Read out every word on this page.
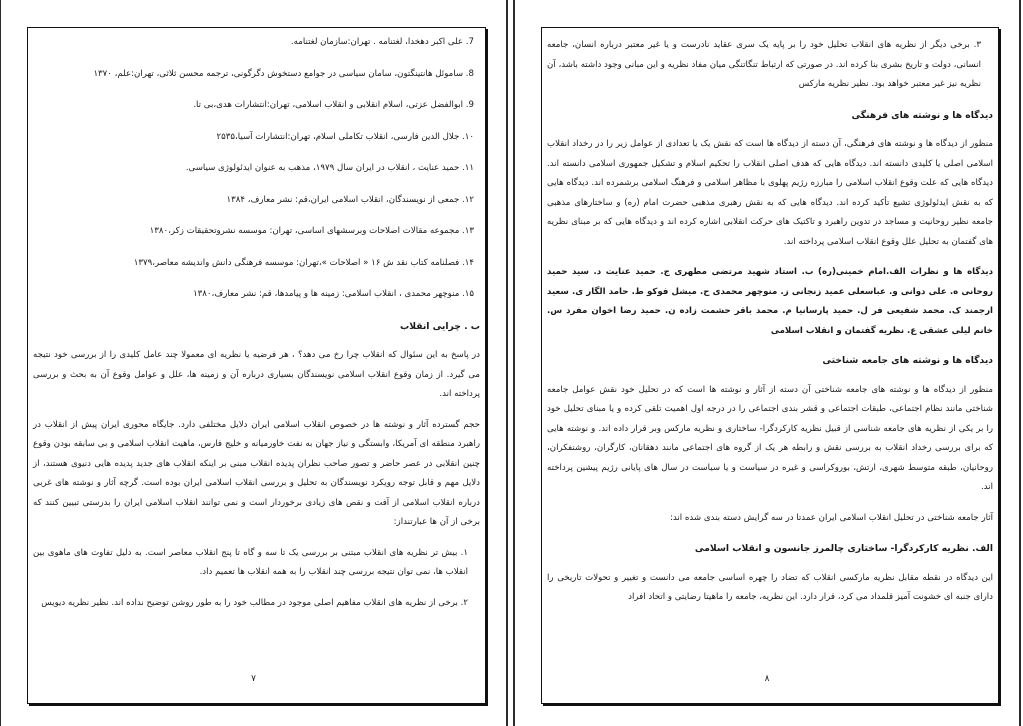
7. علی اکبر دهخدا، لغتنامه . تهران:سازمان لغتنامه.

8. ساموئل هانتینگتون، سامان سیاسی در جوامع دستخوش دگرگونی، ترجمه محسن ثلاثی، تهران:علم، ۱۳۷۰

9. ابوالفضل عزتی، اسلام انقلابی و انقلاب اسلامی، تهران:انتشارات هدی،بی تا.

۱۰. جلال الدین فارسی، انقلاب تکاملی اسلام، تهران:انتشارات آسیا،۲۵۳۵

۱۱. حمید عنایت ، انقلاب در ایران سال ۱۹۷۹، مذهب به عنوان ایدئولوژی سیاسی.

۱۲. جمعی از نویسندگان، انقلاب اسلامی ایران،قم: نشر معارف، ۱۳۸۴

۱۳. مجموعه مقالات اصلاحات وبرسشهای اساسی، تهران: موسسه نشروتحقیقات زکر،۱۳۸۰

۱۴. فصلنامه کتاب نقد ش ۱۶ « اصلاحات »،تهران: موسسه فرهنگی دانش واندیشه معاصر،۱۳۷۹

۱۵. منوچهر محمدی ، انقلاب اسلامی: زمینه ها و پیامدها، قم: نشر معارف،۱۳۸۰

ب . چرایی انقلاب

در پاسخ به این سئوال که انقلاب چرا رخ می دهد؟ ، هر فرضیه یا نظریه ای معمولا چند عامل کلیدی را از بررسی خود نتیجه می گیرد. از زمان وقوع انقلاب اسلامی نویسندگان بسیاری درباره آن و زمینه ها، علل و عوامل وقوع آن به بحث و بررسی پرداخته اند.

حجم گسترده آثار و نوشته ها در خصوص انقلاب اسلامی ایران دلایل مختلفی دارد. جایگاه محوری ایران پیش از انقلاب در راهبرد منطقه ای آمریکا، وابستگی و نیاز جهان به نفت خاورمیانه و خلیج فارس، ماهیت انقلاب اسلامی و بی سابقه بودن وقوع چنین انقلابی در عصر حاضر و تصور صاحب نظران پدیده انقلاب مبنی بر اینکه انقلاب های جدید پدیده هایی دنیوی هستند، از دلایل مهم و قابل توجه رویکرد نویسندگان به تحلیل و بررسی انقلاب اسلامی ایران بوده است. گرچه آثار و نوشته های غربی درباره انقلاب اسلامی از آفت و نقص های زیادی برخوردار است و نمی توانند انقلاب اسلامی ایران را بدرستی تبیین کنند که برخی از آن ها عبارتنداز:

۱. بیش تر نظریه های انقلاب مبتنی بر بررسی یک تا سه و گاه تا پنج انقلاب معاصر است. به دلیل تفاوت های ماهوی بین انقلاب ها، نمی توان نتیجه بررسی چند انقلاب را به همه انقلاب ها تعمیم داد.

۲. برخی از نظریه های انقلاب مفاهیم اصلی موجود در مطالب خود را به طور روشن توضیح نداده اند. نظیر نظریه دیویس

۷

۳. برخی دیگر از نظریه های انقلاب تحلیل خود را بر پایه یک سری عقاید نادرست و یا غیر معتبر درباره انسان، جامعه انسانی، دولت و تاریخ بشری بنا کرده اند. در صورتی که ارتباط تنگاتنگی میان مفاد نظریه و این مبانی وجود داشته باشد، آن نظریه نیز غیر معتبر خواهد بود. نظیر نظریه مارکس

دیدگاه ها و نوشته های فرهنگی

منظور از دیدگاه ها و نوشته های فرهنگی، آن دسته از دیدگاه ها است که نقش یک یا تعدادی از عوامل زیر را در رخداد انقلاب اسلامی اصلی یا کلیدی دانسته اند. دیدگاه هایی که هدف اصلی انقلاب را تحکیم اسلام و تشکیل جمهوری اسلامی دانسته اند. دیدگاه هایی که علت وقوع انقلاب اسلامی را مبارزه رژیم پهلوی با مظاهر اسلامی و فرهنگ اسلامی برشمرده اند. دیدگاه هایی که به نقش ایدئولوژی تشیع تأکید کرده اند. دیدگاه هایی که به نقش رهبری مذهبی حضرت امام (ره) و ساختارهای مذهبی جامعه نظیر روحانیت و مساجد در تدوین راهبرد و تاکتیک های حرکت انقلابی اشاره کرده اند و دیدگاه هایی که بر مبنای نظریه های گفتمان به تحلیل علل وقوع انقلاب اسلامی پرداخته اند.

دیدگاه ها و نظرات الف.امام خمینی(ره) ب. استاد شهید مرتضی مطهری ج. حمید عنایت د. سید حمید روحانی ه. علی دوانی و. عباسعلی عمید زنجانی ز. منوچهر محمدی ح. میشل فوکو ط. حامد الگار ی. سعید ارجمند ک. محمد شفیعی فر ل. حمید پارسانیا م. محمد باقر حشمت زاده ن. حمید رضا اخوان مفرد س. خانم لیلی عشقی ع. نظریه گفتمان و انقلاب اسلامی

دیدگاه ها و نوشته های جامعه شناختی

منظور از دیدگاه ها و نوشته های جامعه شناختی آن دسته از آثار و نوشته ها است که در تحلیل خود نقش عوامل جامعه شناختی مانند نظام اجتماعی، طبقات اجتماعی و قشر بندی اجتماعی را در درجه اول اهمیت تلقی کرده و یا مبنای تحلیل خود را بر یکی از نظریه های جامعه شناسی از قبیل نظریه کارکردگرا- ساختاری و نظریه مارکس وبر قرار داده اند. و نوشته هایی که برای بررسی رخداد انقلاب به بررسی نقش و رابطه هر یک از گروه های اجتماعی مانند دهقانان، کارگران، روشنفکران، روحانیان، طبقه متوسط شهری، ارتش، بوروکراسی و غیره در سیاست و یا سیاست در سال های پایانی رژیم پیشین پرداخته اند.

آثار جامعه شناختی در تحلیل انقلاب اسلامی ایران عمدتا در سه گرایش دسته بندی شده اند:

الف. نظریه کارکردگرا- ساختاری چالمرز جانسون و انقلاب اسلامی

این دیدگاه در نقطه مقابل نظریه مارکسی انقلاب که تضاد را چهره اساسی جامعه می دانست و تغییر و تحولات تاریخی را دارای جنبه ای خشونت آمیز قلمداد می کرد، قرار دارد. این نظریه، جامعه را ماهیتا رضایتی و اتحاد افراد

۸
